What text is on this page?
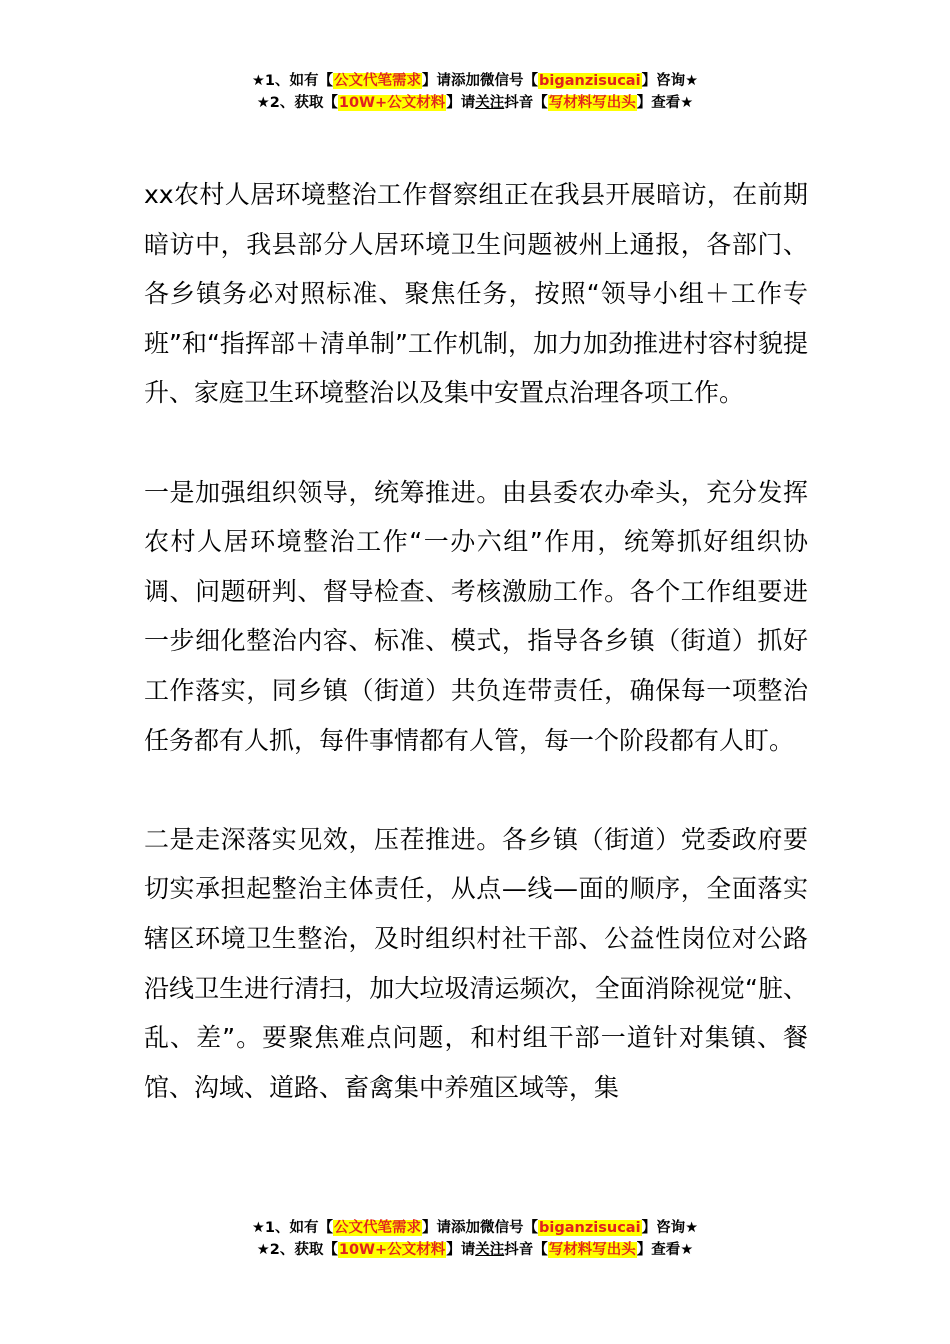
★1、如有【公文代笔需求】请添加微信号【biganzisucai】咨询★
★2、获取【10W+公文材料】请关注抖音【写材料写出头】查看★

xx农村人居环境整治工作督察组正在我县开展暗访，在前期暗访中，我县部分人居环境卫生问题被州上通报，各部门、各乡镇务必对照标准、聚焦任务，按照“领导小组＋工作专班”和“指挥部＋清单制”工作机制，加力加劲推进村容村貌提升、家庭卫生环境整治以及集中安置点治理各项工作。

一是加强组织领导，统筹推进。由县委农办牵头，充分发挥农村人居环境整治工作“一办六组”作用，统筹抓好组织协调、问题研判、督导检查、考核激励工作。各个工作组要进一步细化整治内容、标准、模式，指导各乡镇（街道）抓好工作落实，同乡镇（街道）共负连带责任，确保每一项整治任务都有人抓，每件事情都有人管，每一个阶段都有人盯。

二是走深落实见效，压茬推进。各乡镇（街道）党委政府要切实承担起整治主体责任，从点—线—面的顺序，全面落实辖区环境卫生整治，及时组织村社干部、公益性岗位对公路沿线卫生进行清扫，加大垃圾清运频次，全面消除视觉“脏、乱、差”。要聚焦难点问题，和村组干部一道针对集镇、餐馆、沟域、道路、畜禽集中养殖区域等，集

★1、如有【公文代笔需求】请添加微信号【biganzisucai】咨询★
★2、获取【10W+公文材料】请关注抖音【写材料写出头】查看★
